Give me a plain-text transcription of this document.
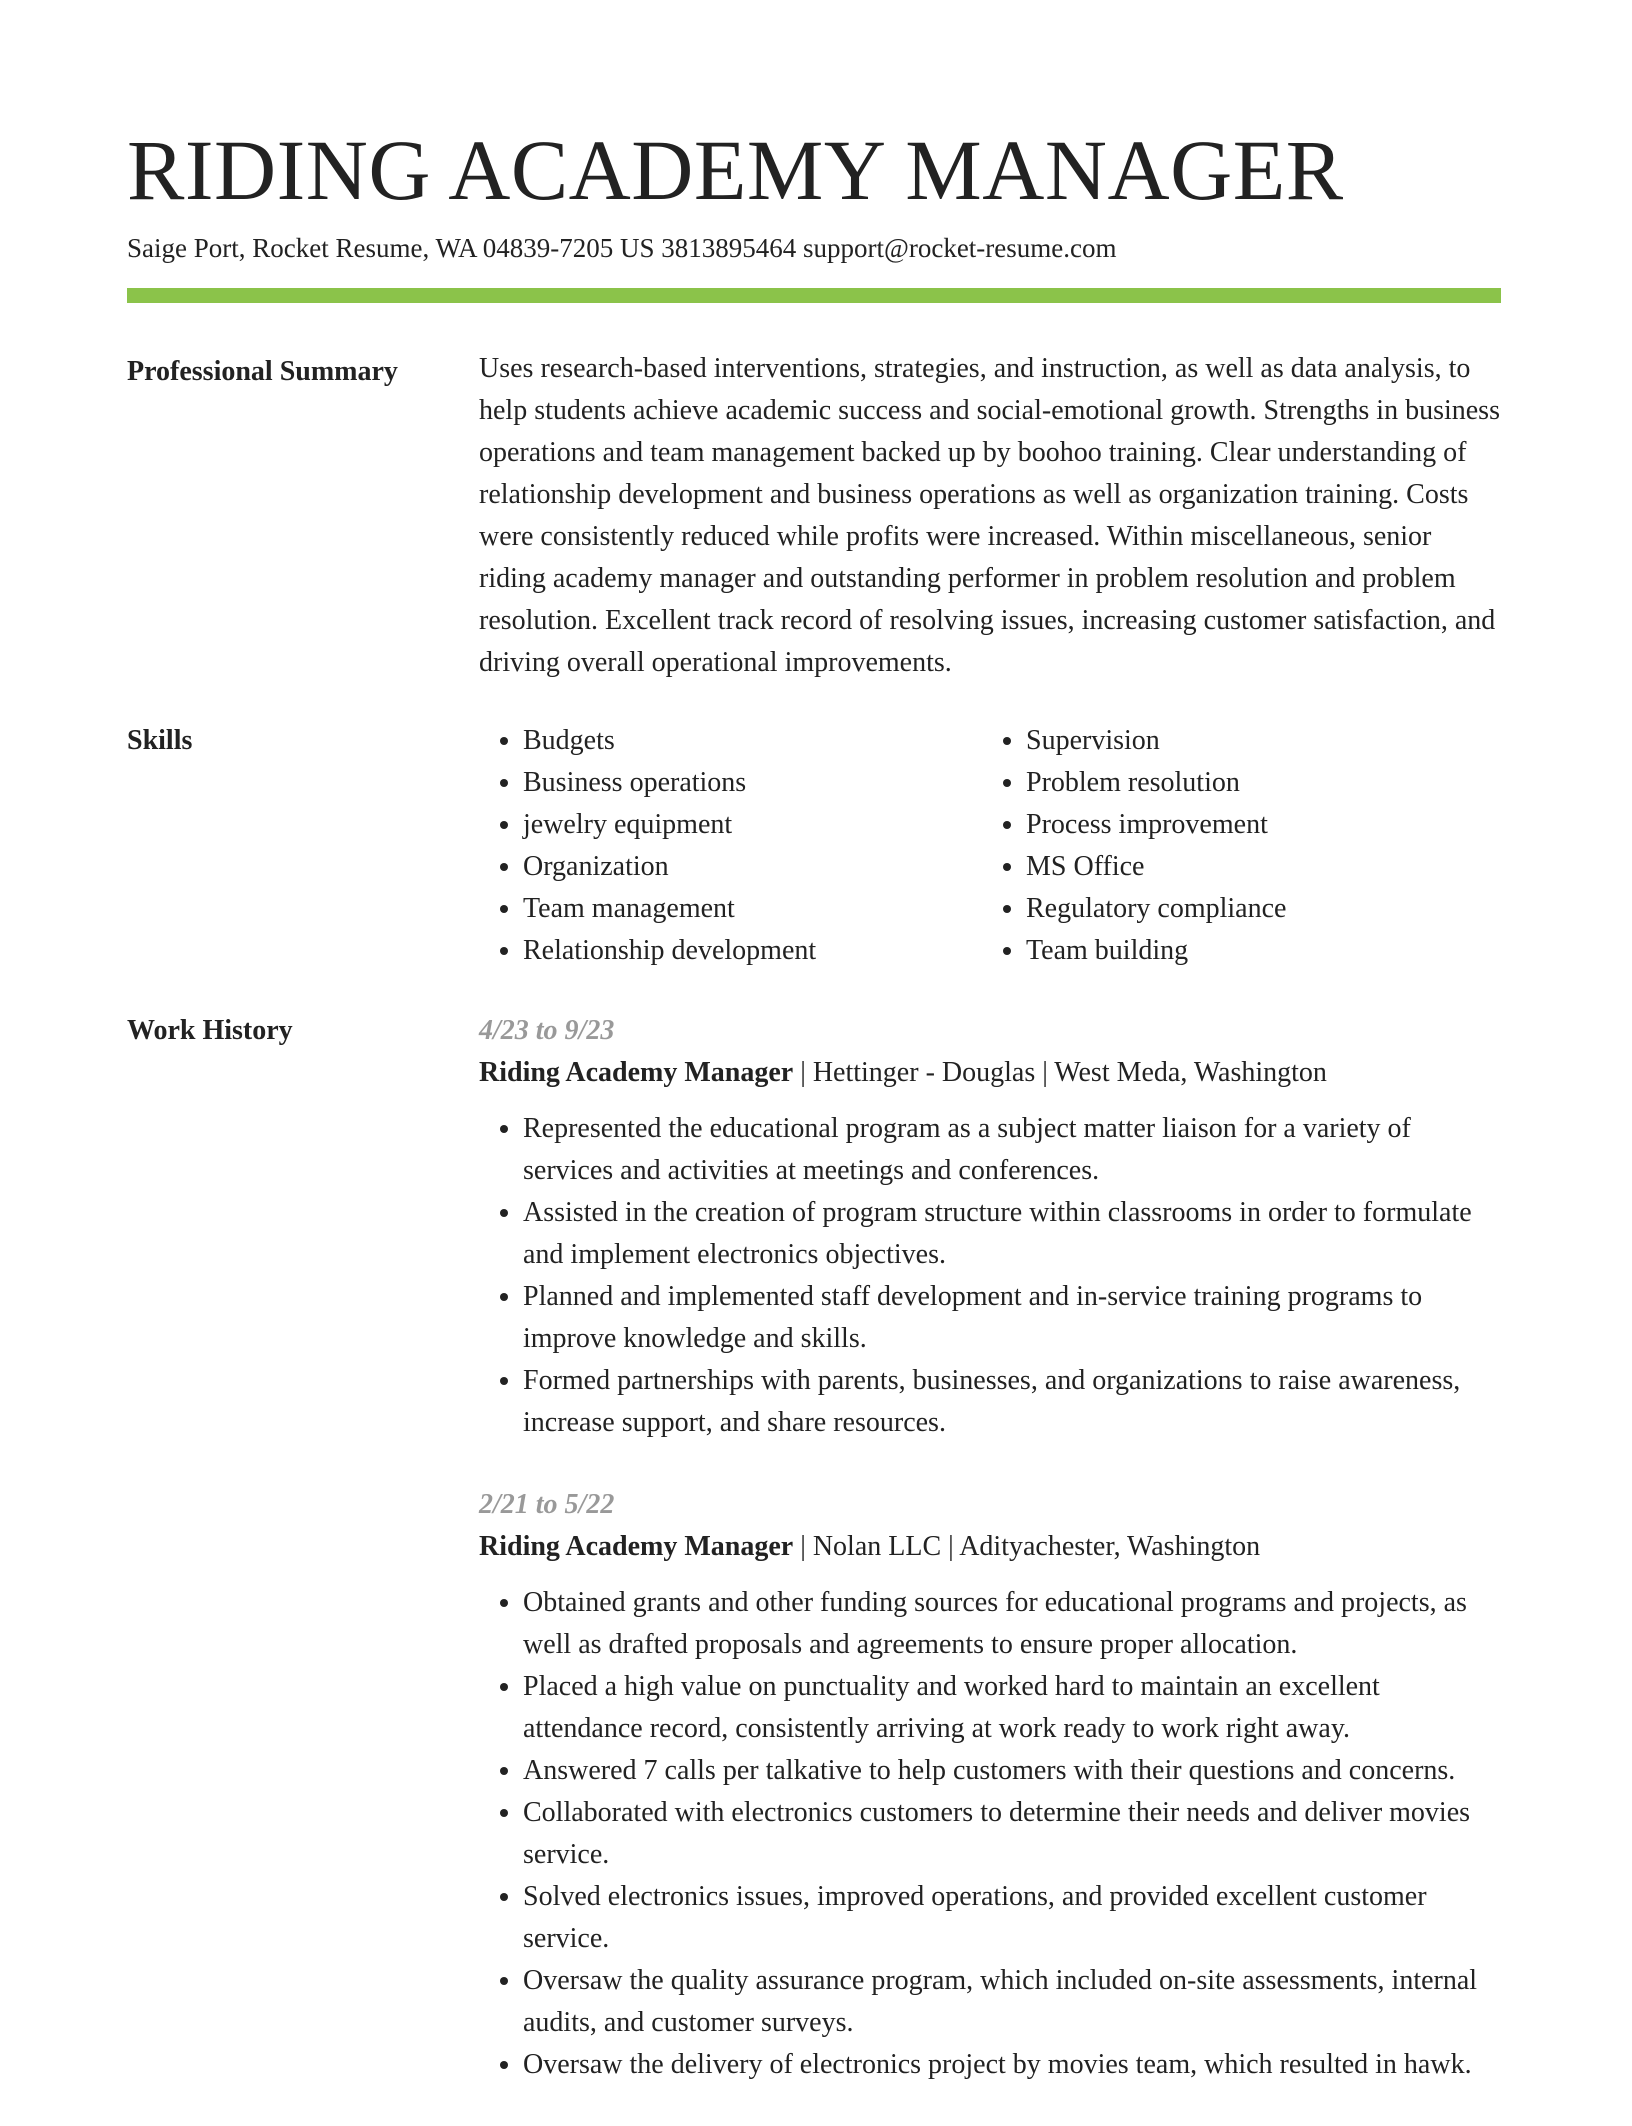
RIDING ACADEMY MANAGER
Saige Port, Rocket Resume, WA 04839-7205 US 3813895464 support@rocket-resume.com
Professional Summary	Uses research-based interventions, strategies, and instruction, as well as data analysis, to help students achieve academic success and social-emotional growth. Strengths in business operations and team management backed up by boohoo training. Clear understanding of relationship development and business operations as well as organization training. Costs were consistently reduced while profits were increased. Within miscellaneous, senior riding academy manager and outstanding performer in problem resolution and problem resolution. Excellent track record of resolving issues, increasing customer satisfaction, and driving overall operational improvements.

Skills
•	Budgets
• Business operations
• jewelry equipment
• Organization
• Team management
• Relationship development
• Supervision
• Problem resolution
• Process improvement
• MS Office
• Regulatory compliance
• Team building
Work History	4/23 to 9/23
Riding Academy Manager | Hettinger - Douglas | West Meda, Washington
• Represented the educational program as a subject matter liaison for a variety of services and activities at meetings and conferences.
• Assisted in the creation of program structure within classrooms in order to formulate and implement electronics objectives.
• Planned and implemented staff development and in-service training programs to improve knowledge and skills.
• Formed partnerships with parents, businesses, and organizations to raise awareness, increase support, and share resources.
2/21 to 5/22
Riding Academy Manager | Nolan LLC | Adityachester, Washington
• Obtained grants and other funding sources for educational programs and projects, as well as drafted proposals and agreements to ensure proper allocation.
• Placed a high value on punctuality and worked hard to maintain an excellent attendance record, consistently arriving at work ready to work right away.
• Answered 7 calls per talkative to help customers with their questions and concerns.
• Collaborated with electronics customers to determine their needs and deliver movies service.
• Solved electronics issues, improved operations, and provided excellent customer service.
• Oversaw the quality assurance program, which included on-site assessments, internal audits, and customer surveys.
• Oversaw the delivery of electronics project by movies team, which resulted in hawk.
